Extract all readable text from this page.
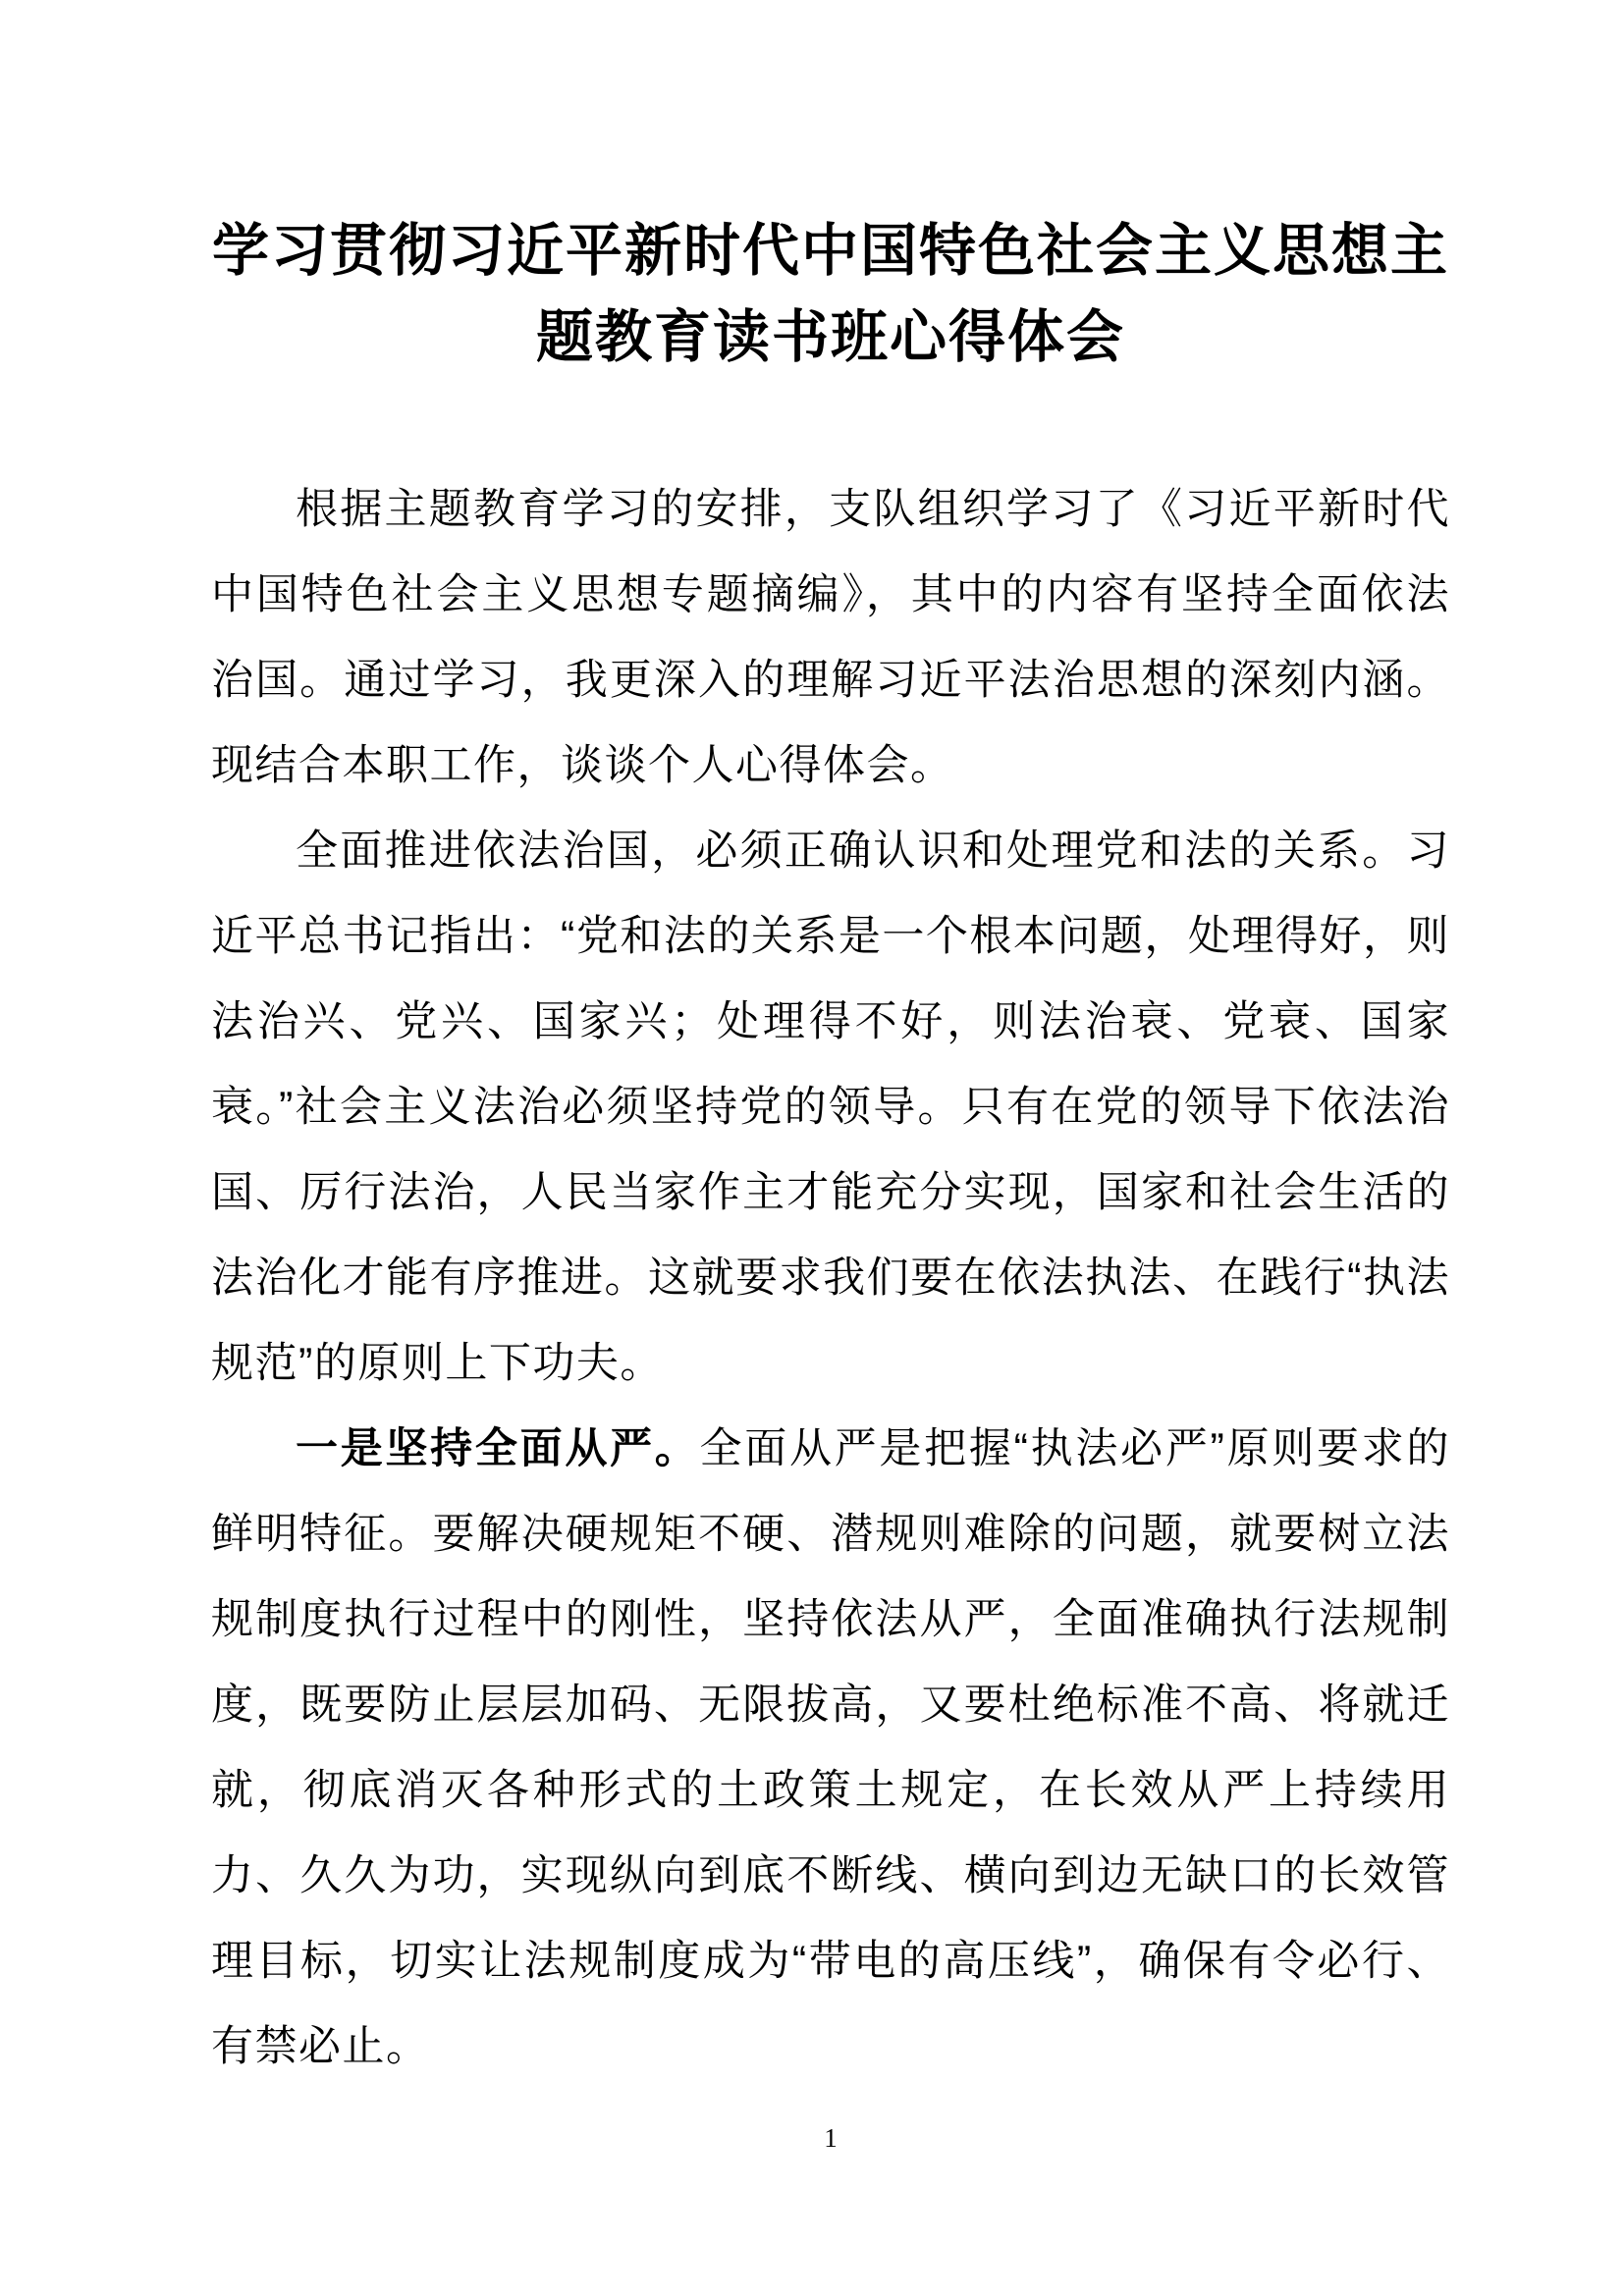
学习贯彻习近平新时代中国特色社会主义思想主题教育读书班心得体会

根据主题教育学习的安排，支队组织学习了《习近平新时代中国特色社会主义思想专题摘编》，其中的内容有坚持全面依法治国。通过学习，我更深入的理解习近平法治思想的深刻内涵。现结合本职工作，谈谈个人心得体会。

全面推进依法治国，必须正确认识和处理党和法的关系。习近平总书记指出：“党和法的关系是一个根本问题，处理得好，则法治兴、党兴、国家兴；处理得不好，则法治衰、党衰、国家衰。”社会主义法治必须坚持党的领导。只有在党的领导下依法治国、厉行法治，人民当家作主才能充分实现，国家和社会生活的法治化才能有序推进。这就要求我们要在依法执法、在践行“执法规范”的原则上下功夫。

一是坚持全面从严。全面从严是把握“执法必严”原则要求的鲜明特征。要解决硬规矩不硬、潜规则难除的问题，就要树立法规制度执行过程中的刚性，坚持依法从严，全面准确执行法规制度，既要防止层层加码、无限拔高，又要杜绝标准不高、将就迁就，彻底消灭各种形式的土政策土规定，在长效从严上持续用力、久久为功，实现纵向到底不断线、横向到边无缺口的长效管理目标，切实让法规制度成为“带电的高压线”，确保有令必行、有禁必止。

1
